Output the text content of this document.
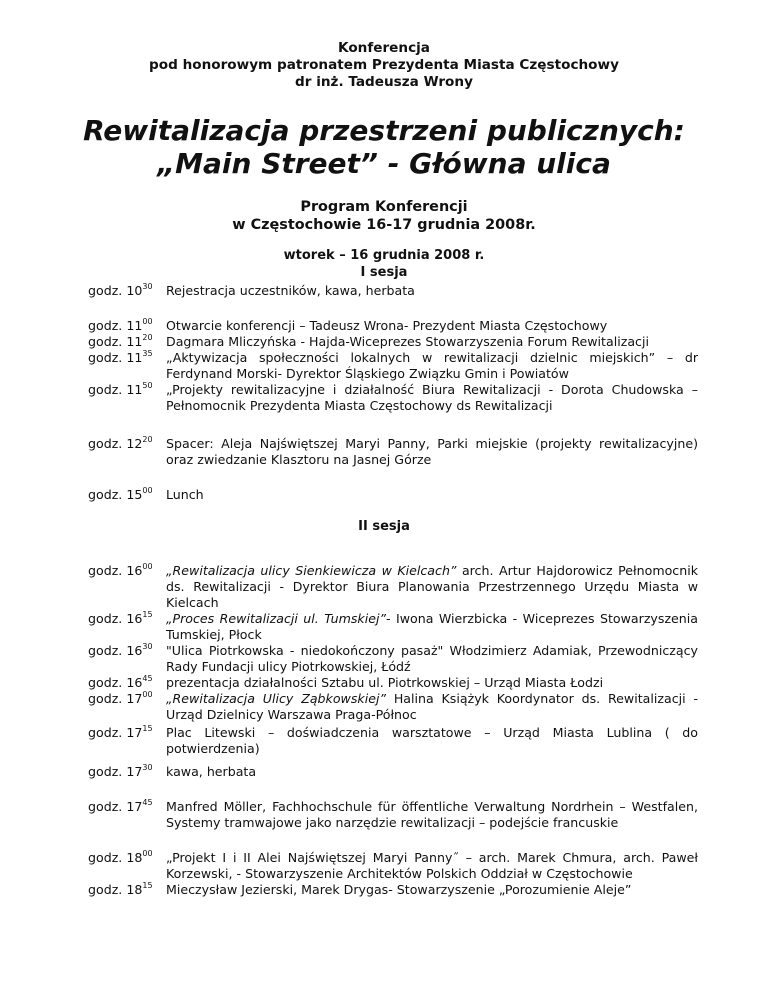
Konferencja
pod honorowym patronatem Prezydenta Miasta Częstochowy
dr inż. Tadeusza Wrony
Rewitalizacja przestrzeni publicznych:
„Main Street” - Główna ulica
Program Konferencji
w Częstochowie 16-17 grudnia 2008r.
wtorek – 16 grudnia 2008 r.
I sesja
godz. $10^{30}$	Rejestracja uczestników, kawa, herbata
godz. $11^{00}$	Otwarcie konferencji – Tadeusz Wrona- Prezydent Miasta Częstochowy
godz. $11^{20}$	Dagmara Mliczyńska - Hajda-Wiceprezes Stowarzyszenia Forum Rewitalizacji
godz. $11^{35}$	„Aktywizacja społeczności lokalnych w rewitalizacji dzielnic miejskich” – dr Ferdynand Morski- Dyrektor Śląskiego Związku Gmin i Powiatów
godz. $11^{50}$	„Projekty rewitalizacyjne i działalność Biura Rewitalizacji - Dorota Chudowska – Pełnomocnik Prezydenta Miasta Częstochowy ds Rewitalizacji
godz. $12^{20}$	Spacer: Aleja Najświętszej Maryi Panny, Parki miejskie (projekty rewitalizacyjne) oraz zwiedzanie Klasztoru na Jasnej Górze
godz. $15^{00}$	Lunch
II sesja
godz. $16^{00}$	„Rewitalizacja ulicy Sienkiewicza w Kielcach” arch. Artur Hajdorowicz Pełnomocnik ds. Rewitalizacji - Dyrektor Biura Planowania Przestrzennego Urzędu Miasta w Kielcach
godz. $16^{15}$	„Proces Rewitalizacji ul. Tumskiej”- Iwona Wierzbicka - Wiceprezes Stowarzyszenia Tumskiej, Płock
godz. $16^{30}$	"Ulica Piotrkowska - niedokończony pasaż" Włodzimierz Adamiak, Przewodniczący Rady Fundacji ulicy Piotrkowskiej, Łódź
godz. $16^{45}$	prezentacja działalności Sztabu ul. Piotrkowskiej – Urząd Miasta Łodzi
godz. $17^{00}$	„Rewitalizacja Ulicy Ząbkowskiej” Halina Książyk Koordynator ds. Rewitalizacji - Urząd Dzielnicy Warszawa Praga-Północ
godz. $17^{15}$	Plac Litewski – doświadczenia warsztatowe – Urząd Miasta Lublina ( do potwierdzenia)
godz. $17^{30}$	kawa, herbata
godz. $17^{45}$	Manfred Möller, Fachhochschule für öffentliche Verwaltung Nordrhein – Westfalen, Systemy tramwajowe jako narzędzie rewitalizacji – podejście francuskie
godz. $18^{00}$	„Projekt I i II Alei Najświętszej Maryi Panny˝ – arch. Marek Chmura, arch. Paweł Korzewski, - Stowarzyszenie Architektów Polskich Oddział w Częstochowie
godz. $18^{15}$	Mieczysław Jezierski, Marek Drygas- Stowarzyszenie „Porozumienie Aleje”
